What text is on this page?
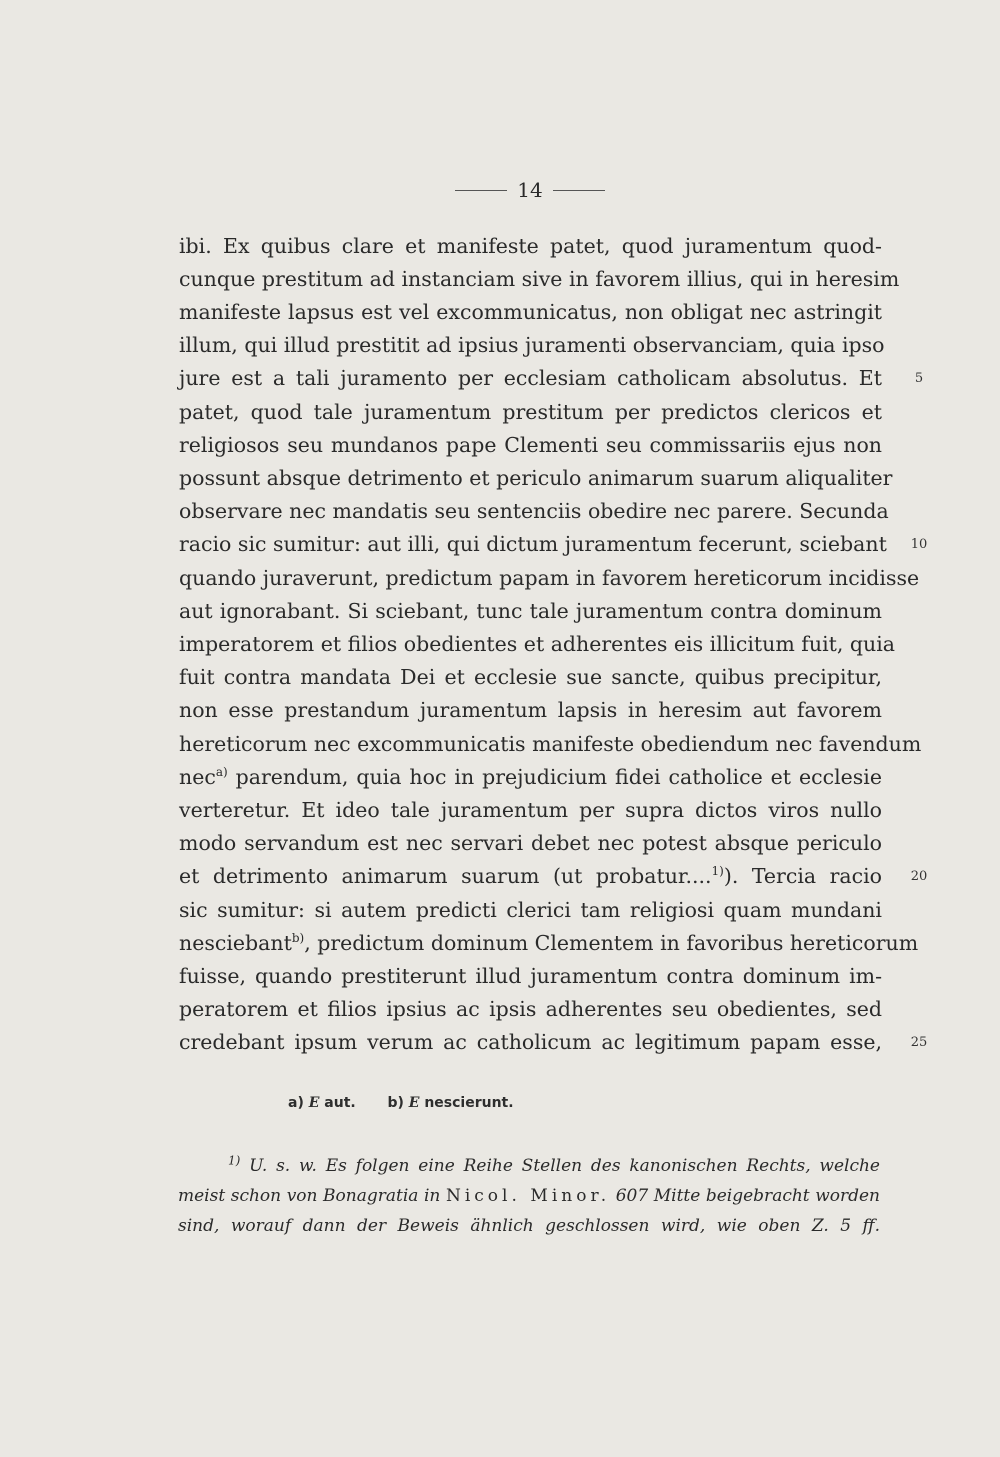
14
ibi. Ex quibus clare et manifeste patet, quod juramentum quod-
cunque prestitum ad instanciam sive in favorem illius, qui in heresim
manifeste lapsus est vel excommunicatus, non obligat nec astringit
illum, qui illud prestitit ad ipsius juramenti observanciam, quia ipso
jure est a tali juramento per ecclesiam catholicam absolutus. Et
patet, quod tale juramentum prestitum per predictos clericos et
religiosos seu mundanos pape Clementi seu commissariis ejus non
possunt absque detrimento et periculo animarum suarum aliqualiter
observare nec mandatis seu sentenciis obedire nec parere. Secunda
racio sic sumitur: aut illi, qui dictum juramentum fecerunt, sciebant
quando juraverunt, predictum papam in favorem hereticorum incidisse
aut ignorabant. Si sciebant, tunc tale juramentum contra dominum
imperatorem et filios obedientes et adherentes eis illicitum fuit, quia
fuit contra mandata Dei et ecclesie sue sancte, quibus precipitur,
non esse prestandum juramentum lapsis in heresim aut favorem
hereticorum nec excommunicatis manifeste obediendum nec favendum
nec$^{a)}$ parendum, quia hoc in prejudicium fidei catholice et ecclesie
verteretur. Et ideo tale juramentum per supra dictos viros nullo
modo servandum est nec servari debet nec potest absque periculo
et detrimento animarum suarum (ut probatur....$^{1)}$). Tercia racio
sic sumitur: si autem predicti clerici tam religiosi quam mundani
nesciebant$^{b)}$, predictum dominum Clementem in favoribus hereticorum
fuisse, quando prestiterunt illud juramentum contra dominum im-
peratorem et filios ipsius ac ipsis adherentes seu obedientes, sed
credebant ipsum verum ac catholicum ac legitimum papam esse,
5
10
20
25
a) E aut. b) E nescierunt.
$^{1)}$ U. s. w. Es folgen eine Reihe Stellen des kanonischen Rechts, welche
meist schon von Bonagratia in Nicol. Minor. 607 Mitte beigebracht worden
sind, worauf dann der Beweis ähnlich geschlossen wird, wie oben Z. 5 ff.
